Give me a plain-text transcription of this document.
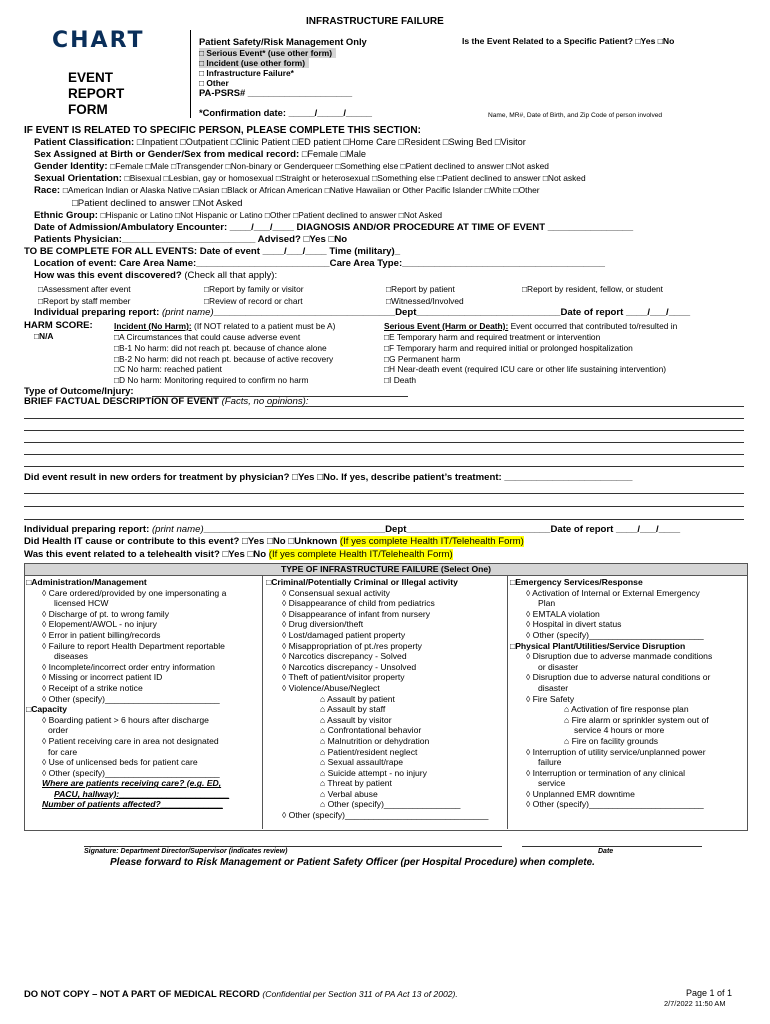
INFRASTRUCTURE FAILURE
CHART
EVENT
REPORT
FORM
Patient Safety/Risk Management Only
□ Serious Event* (use other form)
□ Incident (use other form)
□ Infrastructure Failure*
□ Other
PA-PSRS# ____________________
*Confirmation date: _____/_____/_____
Is the Event Related to a Specific Patient? □Yes □No
Name, MR#, Date of Birth, and Zip Code of person involved
IF EVENT IS RELATED TO SPECIFIC PERSON, PLEASE COMPLETE THIS SECTION:
Patient Classification: □Inpatient □Outpatient □Clinic Patient □ED patient □Home Care □Resident □Swing Bed □Visitor
Sex Assigned at Birth or Gender/Sex from medical record: □Female □Male
Gender Identity: □Female □Male □Transgender □Non-binary or Genderqueer □Something else □Patient declined to answer □Not asked
Sexual Orientation: □Bisexual □Lesbian, gay or homosexual □Straight or heterosexual □Something else □Patient declined to answer □Not asked
Race: □American Indian or Alaska Native □Asian □Black or African American □Native Hawaiian or Other Pacific Islander □White □Other
□Patient declined to answer □Not Asked
Ethnic Group: □Hispanic or Latino □Not Hispanic or Latino □Other □Patient declined to answer □Not Asked
Date of Admission/Ambulatory Encounter: ____/___/____ DIAGNOSIS AND/OR PROCEDURE AT TIME OF EVENT ________________
Patients Physician:_________________________ Advised? □Yes □No
TO BE COMPLETE FOR ALL EVENTS: Date of event ____/___/____ Time (military)_
Location of event: Care Area Name:_________________________Care Area Type:______________________________________
How was this event discovered? (Check all that apply):
□Assessment after event	□Report by family or visitor	□Report by patient	□Report by resident, fellow, or student
□Report by staff member	□Review of record or chart	□Witnessed/Involved
Individual preparing report: (print name)__________________________________Dept___________________________Date of report ____/___/____
HARM SCORE:
□N/A
Incident (No Harm): (If NOT related to a patient must be A)	Serious Event (Harm or Death): Event occurred that contributed to/resulted in
□A Circumstances that could cause adverse event
□B-1 No harm: did not reach pt. because of chance alone
□B-2 No harm: did not reach pt. because of active recovery
□C No harm: reached patient
□D No harm: Monitoring required to confirm no harm
□E Temporary harm and required treatment or intervention
□F Temporary harm and required initial or prolonged hospitalization
□G Permanent harm
□H Near-death event (required ICU care or other life sustaining intervention)
□I Death
Type of Outcome/Injury:
BRIEF FACTUAL DESCRIPTION OF EVENT (Facts, no opinions):
Did event result in new orders for treatment by physician? □Yes □No. If yes, describe patient’s treatment: ________________________
Individual preparing report: (print name)__________________________________Dept___________________________Date of report ____/___/____
Did Health IT cause or contribute to this event? □Yes □No □Unknown (If yes complete Health IT/Telehealth Form)
Was this event related to a telehealth visit? □Yes □No (If yes complete Health IT/Telehealth Form)
TYPE OF INFRASTRUCTURE FAILURE (Select One)
□Administration/Management
◊ Care ordered/provided by one impersonating a
licensed HCW
◊ Discharge of pt. to wrong family
◊ Elopement/AWOL - no injury
◊ Error in patient billing/records
◊ Failure to report Health Department reportable
diseases
◊ Incomplete/incorrect order entry information
◊ Missing or incorrect patient ID
◊ Receipt of a strike notice
◊ Other (specify)________________________
□Capacity
◊ Boarding patient > 6 hours after discharge
order
◊ Patient receiving care in area not designated
for care
◊ Use of unlicensed beds for patient care
◊ Other (specify)________________________
Where are patients receiving care? (e.g. ED,
PACU, hallway):_______________________
Number of patients affected?_____________
□Criminal/Potentially Criminal or Illegal activity
◊ Consensual sexual activity
◊ Disappearance of child from pediatrics
◊ Disappearance of infant from nursery
◊ Drug diversion/theft
◊ Lost/damaged patient property
◊ Misappropriation of pt./res property
◊ Narcotics discrepancy - Solved
◊ Narcotics discrepancy - Unsolved
◊ Theft of patient/visitor property
◊ Violence/Abuse/Neglect
⌂ Assault by patient
⌂ Assault by staff
⌂ Assault by visitor
⌂ Confrontational behavior
⌂ Malnutrition or dehydration
⌂ Patient/resident neglect
⌂ Sexual assault/rape
⌂ Suicide attempt - no injury
⌂ Threat by patient
⌂ Verbal abuse
⌂ Other (specify)________________
◊ Other (specify)______________________________
□Emergency Services/Response
◊ Activation of Internal or External Emergency
Plan
◊ EMTALA violation
◊ Hospital in divert status
◊ Other (specify)________________________
□Physical Plant/Utilities/Service Disruption
◊ Disruption due to adverse manmade conditions
or disaster
◊ Disruption due to adverse natural conditions or
disaster
◊ Fire Safety
⌂ Activation of fire response plan
⌂ Fire alarm or sprinkler system out of
service 4 hours or more
⌂ Fire on facility grounds
◊ Interruption of utility service/unplanned power
failure
◊ Interruption or termination of any clinical
service
◊ Unplanned EMR downtime
◊ Other (specify)________________________
Signature: Department Director/Supervisor (indicates review)	Date
Please forward to Risk Management or Patient Safety Officer (per Hospital Procedure) when complete.
DO NOT COPY – NOT A PART OF MEDICAL RECORD (Confidential per Section 311 of PA Act 13 of 2002).	Page 1 of 1
2/7/2022 11:50 AM
